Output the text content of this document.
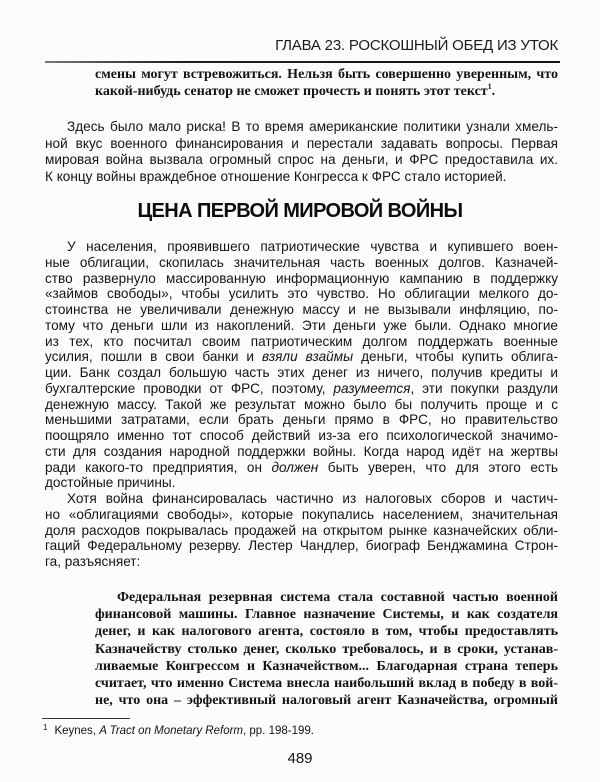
ГЛАВА 23. РОСКОШНЫЙ ОБЕД ИЗ УТОК
смены могут встревожиться. Нельзя быть совершенно уверенным, что
какой-нибудь сенатор не сможет прочесть и понять этот текст$^1$.
Здесь было мало риска! В то время американские политики узнали хмель-
ной вкус военного финансирования и перестали задавать вопросы. Первая
мировая война вызвала огромный спрос на деньги, и ФРС предоставила их.
К концу войны враждебное отношение Конгресса к ФРС стало историей.
ЦЕНА ПЕРВОЙ МИРОВОЙ ВОЙНЫ
У населения, проявившего патриотические чувства и купившего воен-
ные облигации, скопилась значительная часть военных долгов. Казначей-
ство развернуло массированную информационную кампанию в поддержку
«займов свободы», чтобы усилить это чувство. Но облигации мелкого до-
стоинства не увеличивали денежную массу и не вызывали инфляцию, по-
тому что деньги шли из накоплений. Эти деньги уже были. Однако многие
из тех, кто посчитал своим патриотическим долгом поддержать военные
усилия, пошли в свои банки и взяли взаймы деньги, чтобы купить облига-
ции. Банк создал большую часть этих денег из ничего, получив кредиты и
бухгалтерские проводки от ФРС, поэтому, разумеется, эти покупки раздули
денежную массу. Такой же результат можно было бы получить проще и с
меньшими затратами, если брать деньги прямо в ФРС, но правительство
поощряло именно тот способ действий из-за его психологической значимо-
сти для создания народной поддержки войны. Когда народ идёт на жертвы
ради какого-то предприятия, он должен быть уверен, что для этого есть
достойные причины.
Хотя война финансировалась частично из налоговых сборов и частич-
но «облигациями свободы», которые покупались населением, значительная
доля расходов покрывалась продажей на открытом рынке казначейских обли-
гаций Федеральному резерву. Лестер Чандлер, биограф Бенджамина Строн-
га, разъясняет:
Федеральная резервная система стала составной частью военной
финансовой машины. Главное назначение Системы, и как создателя
денег, и как налогового агента, состояло в том, чтобы предоставлять
Казначейству столько денег, сколько требовалось, и в сроки, устанав-
ливаемые Конгрессом и Казначейством... Благодарная страна теперь
считает, что именно Система внесла наибольший вклад в победу в вой-
не, что она – эффективный налоговый агент Казначейства, огромный
$^1$ Keynes, A Tract on Monetary Reform, pp. 198-199.
489
